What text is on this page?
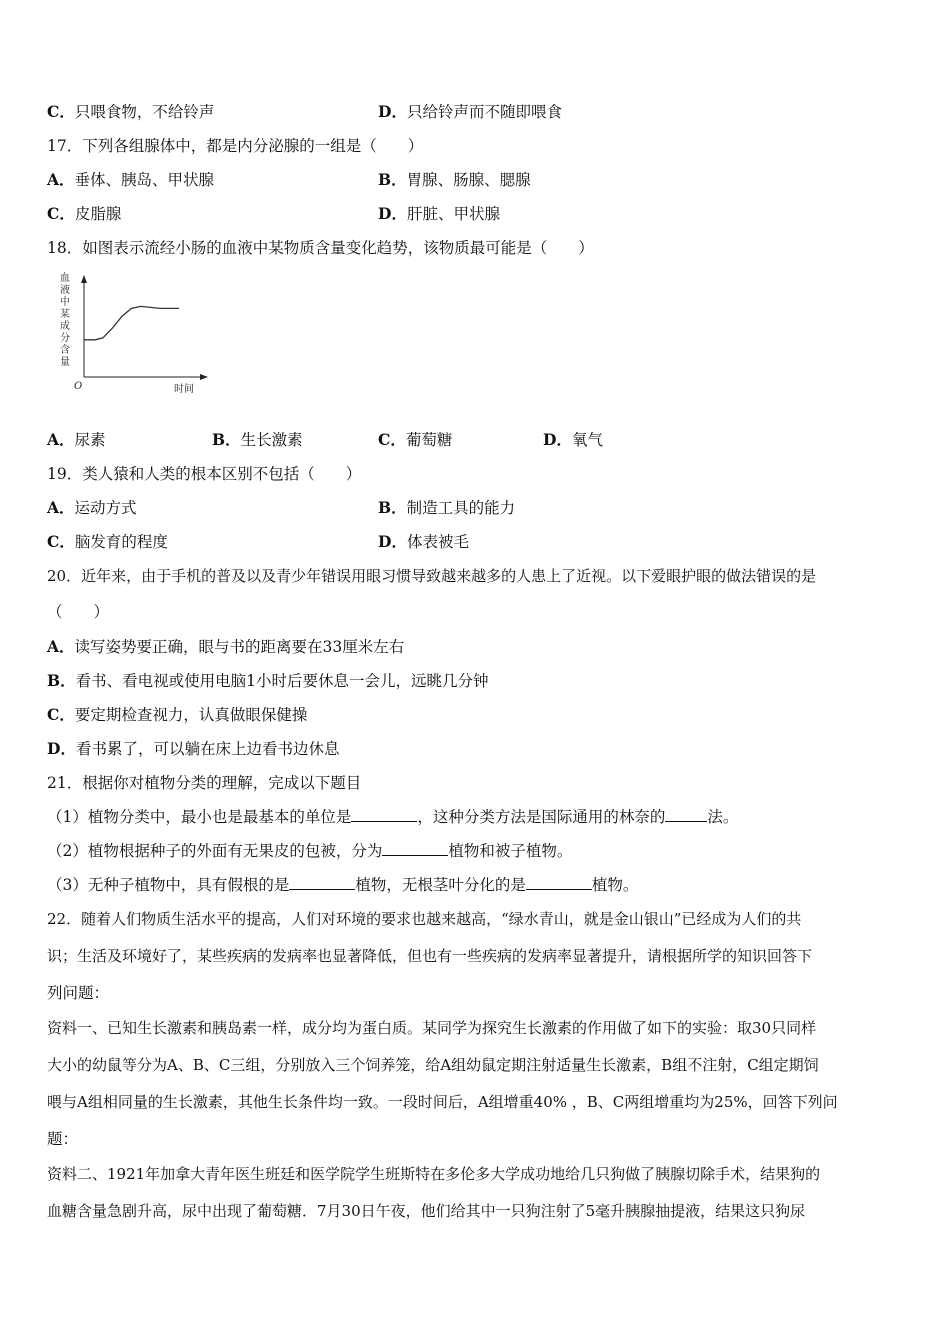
C．只喂食物，不给铃声	D．只给铃声而不随即喂食
17．下列各组腺体中，都是内分泌腺的一组是（　　）
A．垂体、胰岛、甲状腺	B．胃腺、肠腺、腮腺
C．皮脂腺	D．肝脏、甲状腺
18．如图表示流经小肠的血液中某物质含量变化趋势，该物质最可能是（　　）
血
液
中
某
成
分
含
量
O	时间
A．尿素	B．生长激素	C．葡萄糖	D．氧气
19．类人猿和人类的根本区别不包括（　　）
A．运动方式	B．制造工具的能力
C．脑发育的程度	D．体表被毛
20．近年来，由于手机的普及以及青少年错误用眼习惯导致越来越多的人患上了近视。以下爱眼护眼的做法错误的是
（　　）
A．读写姿势要正确，眼与书的距离要在33厘米左右
B．看书、看电视或使用电脑1小时后要休息一会儿，远眺几分钟
C．要定期检查视力，认真做眼保健操
D．看书累了，可以躺在床上边看书边休息
21．根据你对植物分类的理解，完成以下题目
（1）植物分类中，最小也是最基本的单位是	，这种分类方法是国际通用的林奈的	法。
（2）植物根据种子的外面有无果皮的包被，分为	植物和被子植物。
（3）无种子植物中，具有假根的是	植物，无根茎叶分化的是	植物。
22．随着人们物质生活水平的提高，人们对环境的要求也越来越高，“绿水青山，就是金山银山”已经成为人们的共
识；生活及环境好了，某些疾病的发病率也显著降低，但也有一些疾病的发病率显著提升，请根据所学的知识回答下
列问题：
资料一、已知生长激素和胰岛素一样，成分均为蛋白质。某同学为探究生长激素的作用做了如下的实验：取30只同样
大小的幼鼠等分为A、B、C三组，分别放入三个饲养笼，给A组幼鼠定期注射适量生长激素，B组不注射，C组定期饲
喂与A组相同量的生长激素，其他生长条件均一致。一段时间后，A组增重40% ，B、C两组增重均为25%，回答下列问
题：
资料二、1921年加拿大青年医生班廷和医学院学生班斯特在多伦多大学成功地给几只狗做了胰腺切除手术，结果狗的
血糖含量急剧升高，尿中出现了葡萄糖．7月30日午夜，他们给其中一只狗注射了5毫升胰腺抽提液，结果这只狗尿
